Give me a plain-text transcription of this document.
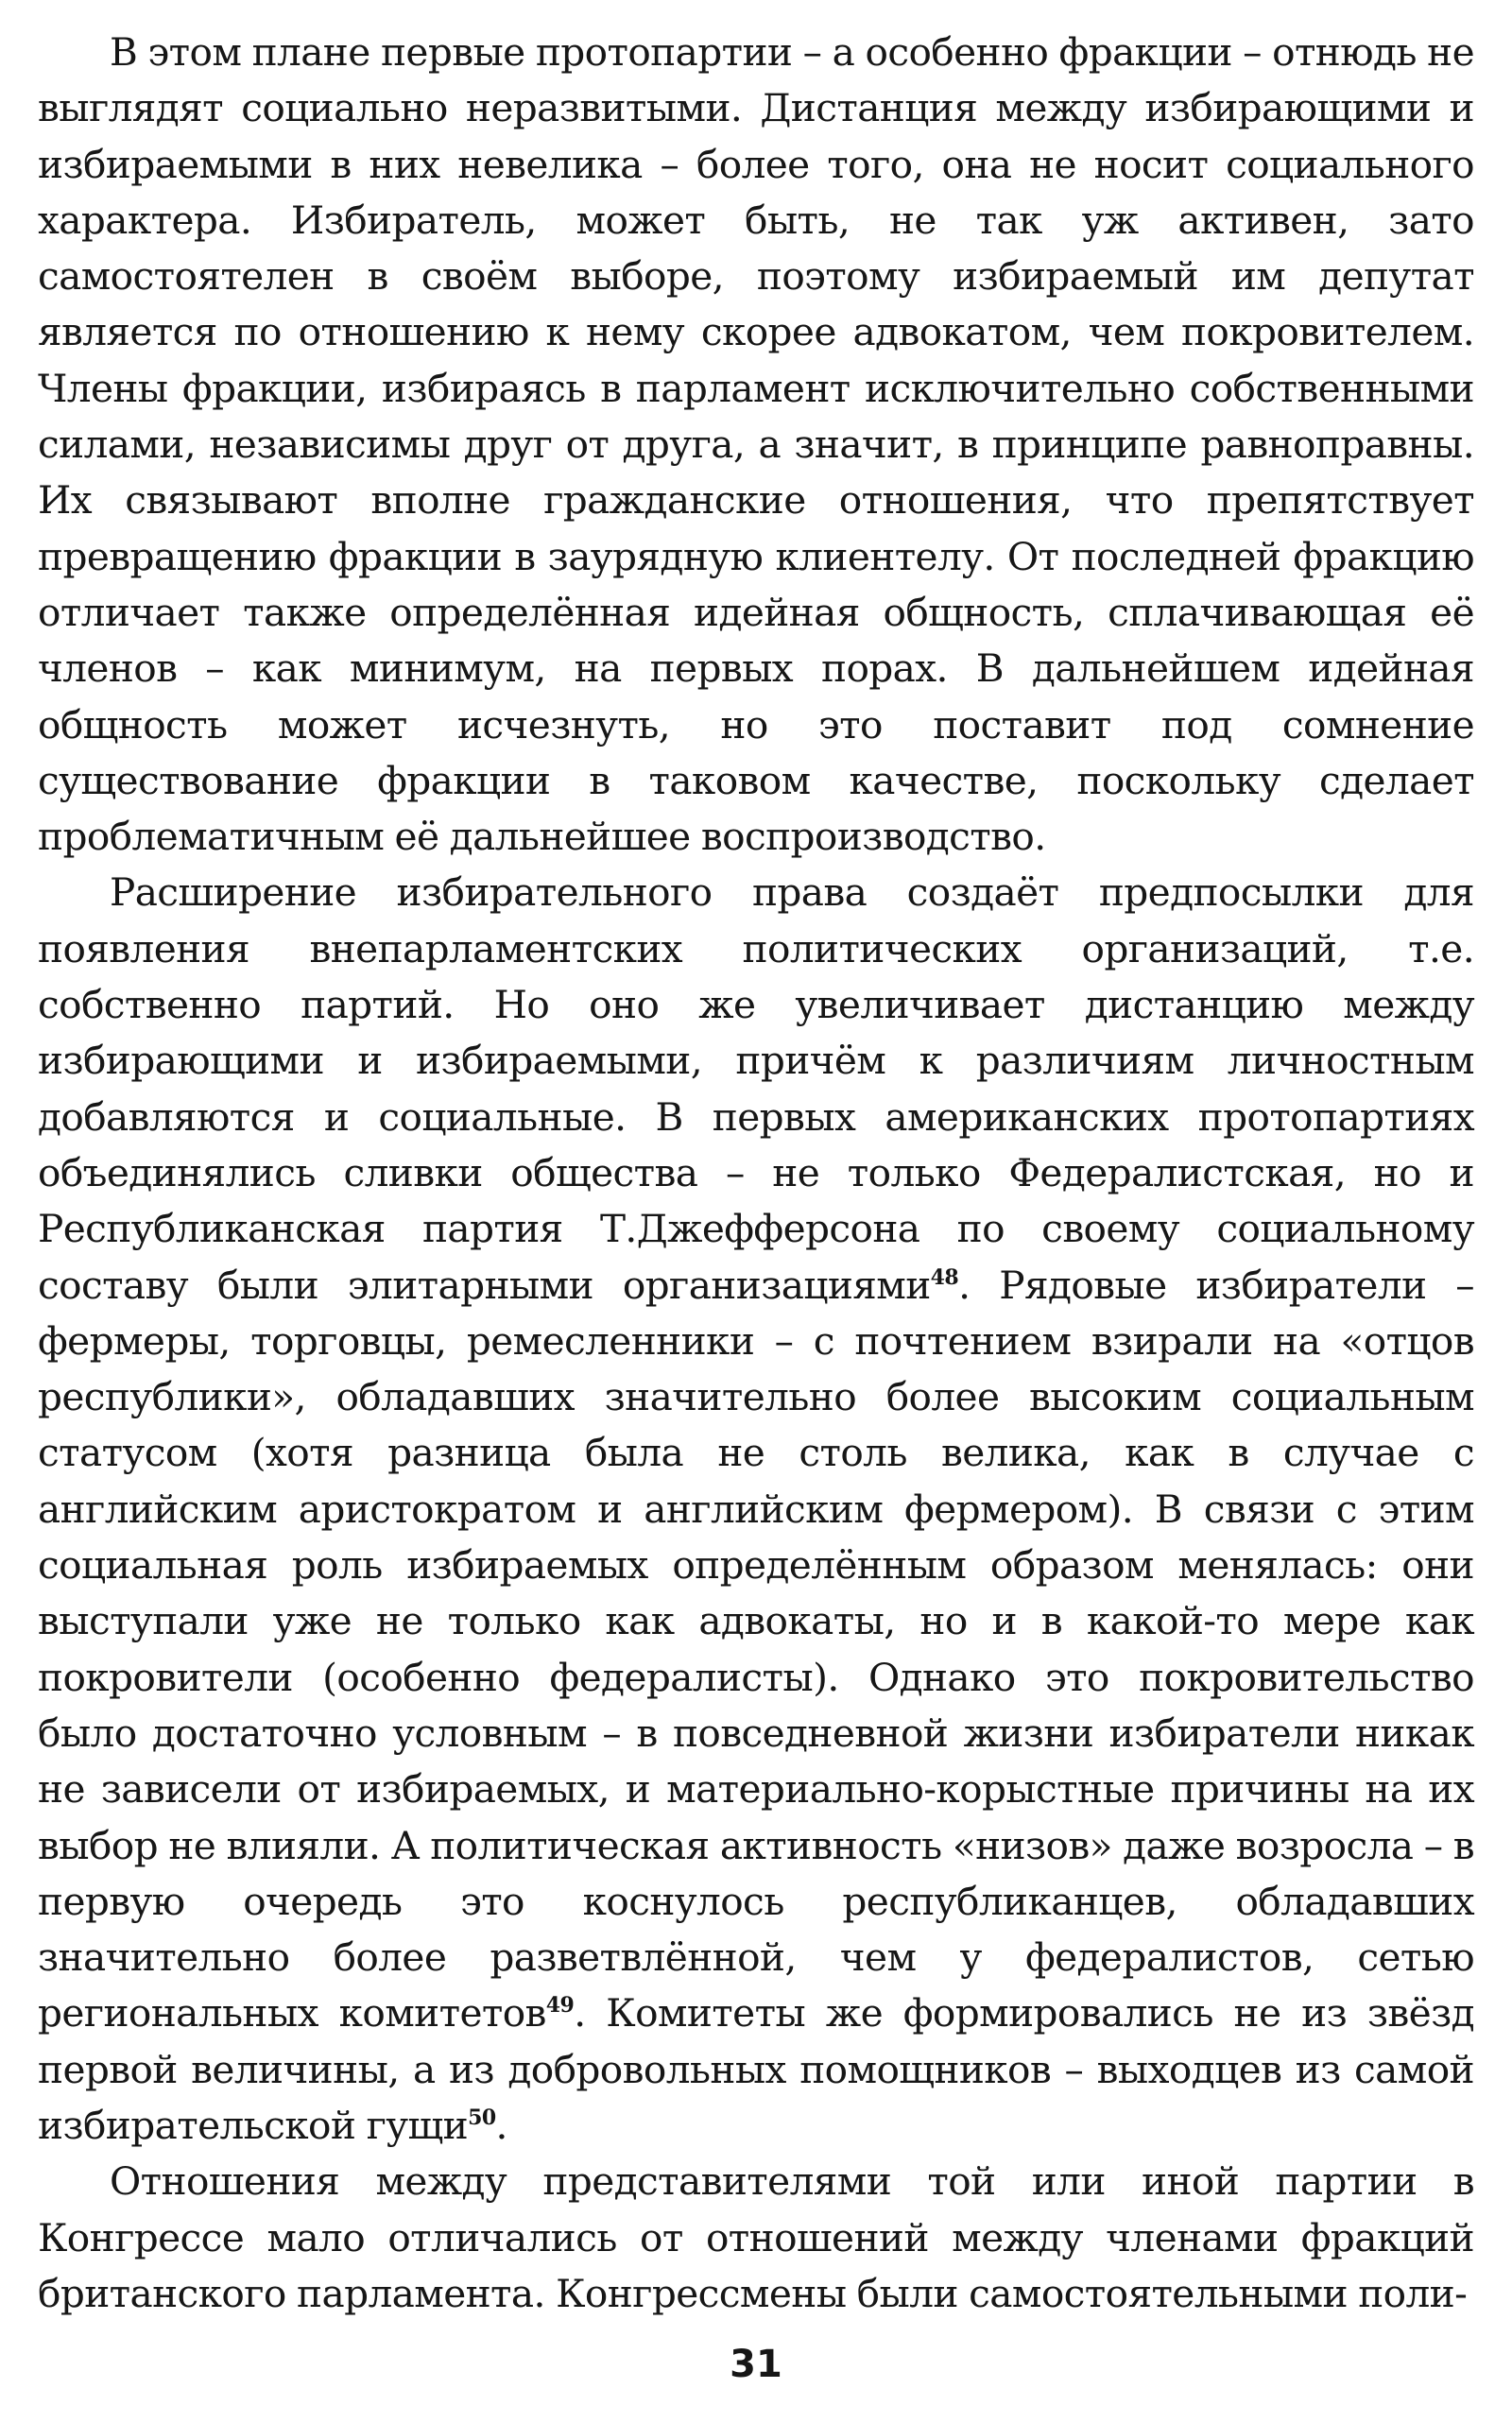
В этом плане первые протопартии – а особенно фракции – отнюдь не выглядят социально неразвитыми. Дистанция между избирающими и избираемыми в них невелика – более того, она не носит социального характера. Избиратель, может быть, не так уж активен, зато самостоятелен в своём выборе, поэтому избираемый им депутат является по отношению к нему скорее адвокатом, чем покровителем. Члены фракции, избираясь в парламент исключительно собственными силами, независимы друг от друга, а значит, в принципе равноправны. Их связывают вполне гражданские отношения, что препятствует превращению фракции в заурядную клиентелу. От последней фракцию отличает также определённая идейная общность, сплачивающая её членов – как минимум, на первых порах. В дальнейшем идейная общность может исчезнуть, но это поставит под сомнение существование фракции в таковом качестве, поскольку сделает проблематичным её дальнейшее воспроизводство.

Расширение избирательного права создаёт предпосылки для появления внепарламентских политических организаций, т.е. собственно партий. Но оно же увеличивает дистанцию между избирающими и избираемыми, причём к различиям личностным добавляются и социальные. В первых американских протопартиях объединялись сливки общества – не только Федералистская, но и Республиканская партия Т.Джефферсона по своему социальному составу были элитарными организациями$^{48}$. Рядовые избиратели – фермеры, торговцы, ремесленники – с почтением взирали на «отцов республики», обладавших значительно более высоким социальным статусом (хотя разница была не столь велика, как в случае с английским аристократом и английским фермером). В связи с этим социальная роль избираемых определённым образом менялась: они выступали уже не только как адвокаты, но и в какой-то мере как покровители (особенно федералисты). Однако это покровительство было достаточно условным – в повседневной жизни избиратели никак не зависели от избираемых, и материально-корыстные причины на их выбор не влияли. А политическая активность «низов» даже возросла – в первую очередь это коснулось республиканцев, обладавших значительно более разветвлённой, чем у федералистов, сетью региональных комитетов$^{49}$. Комитеты же формировались не из звёзд первой величины, а из добровольных помощников – выходцев из самой избирательской гущи$^{50}$.

Отношения между представителями той или иной партии в Конгрессе мало отличались от отношений между членами фракций британского парламента. Конгрессмены были самостоятельными поли-

31
